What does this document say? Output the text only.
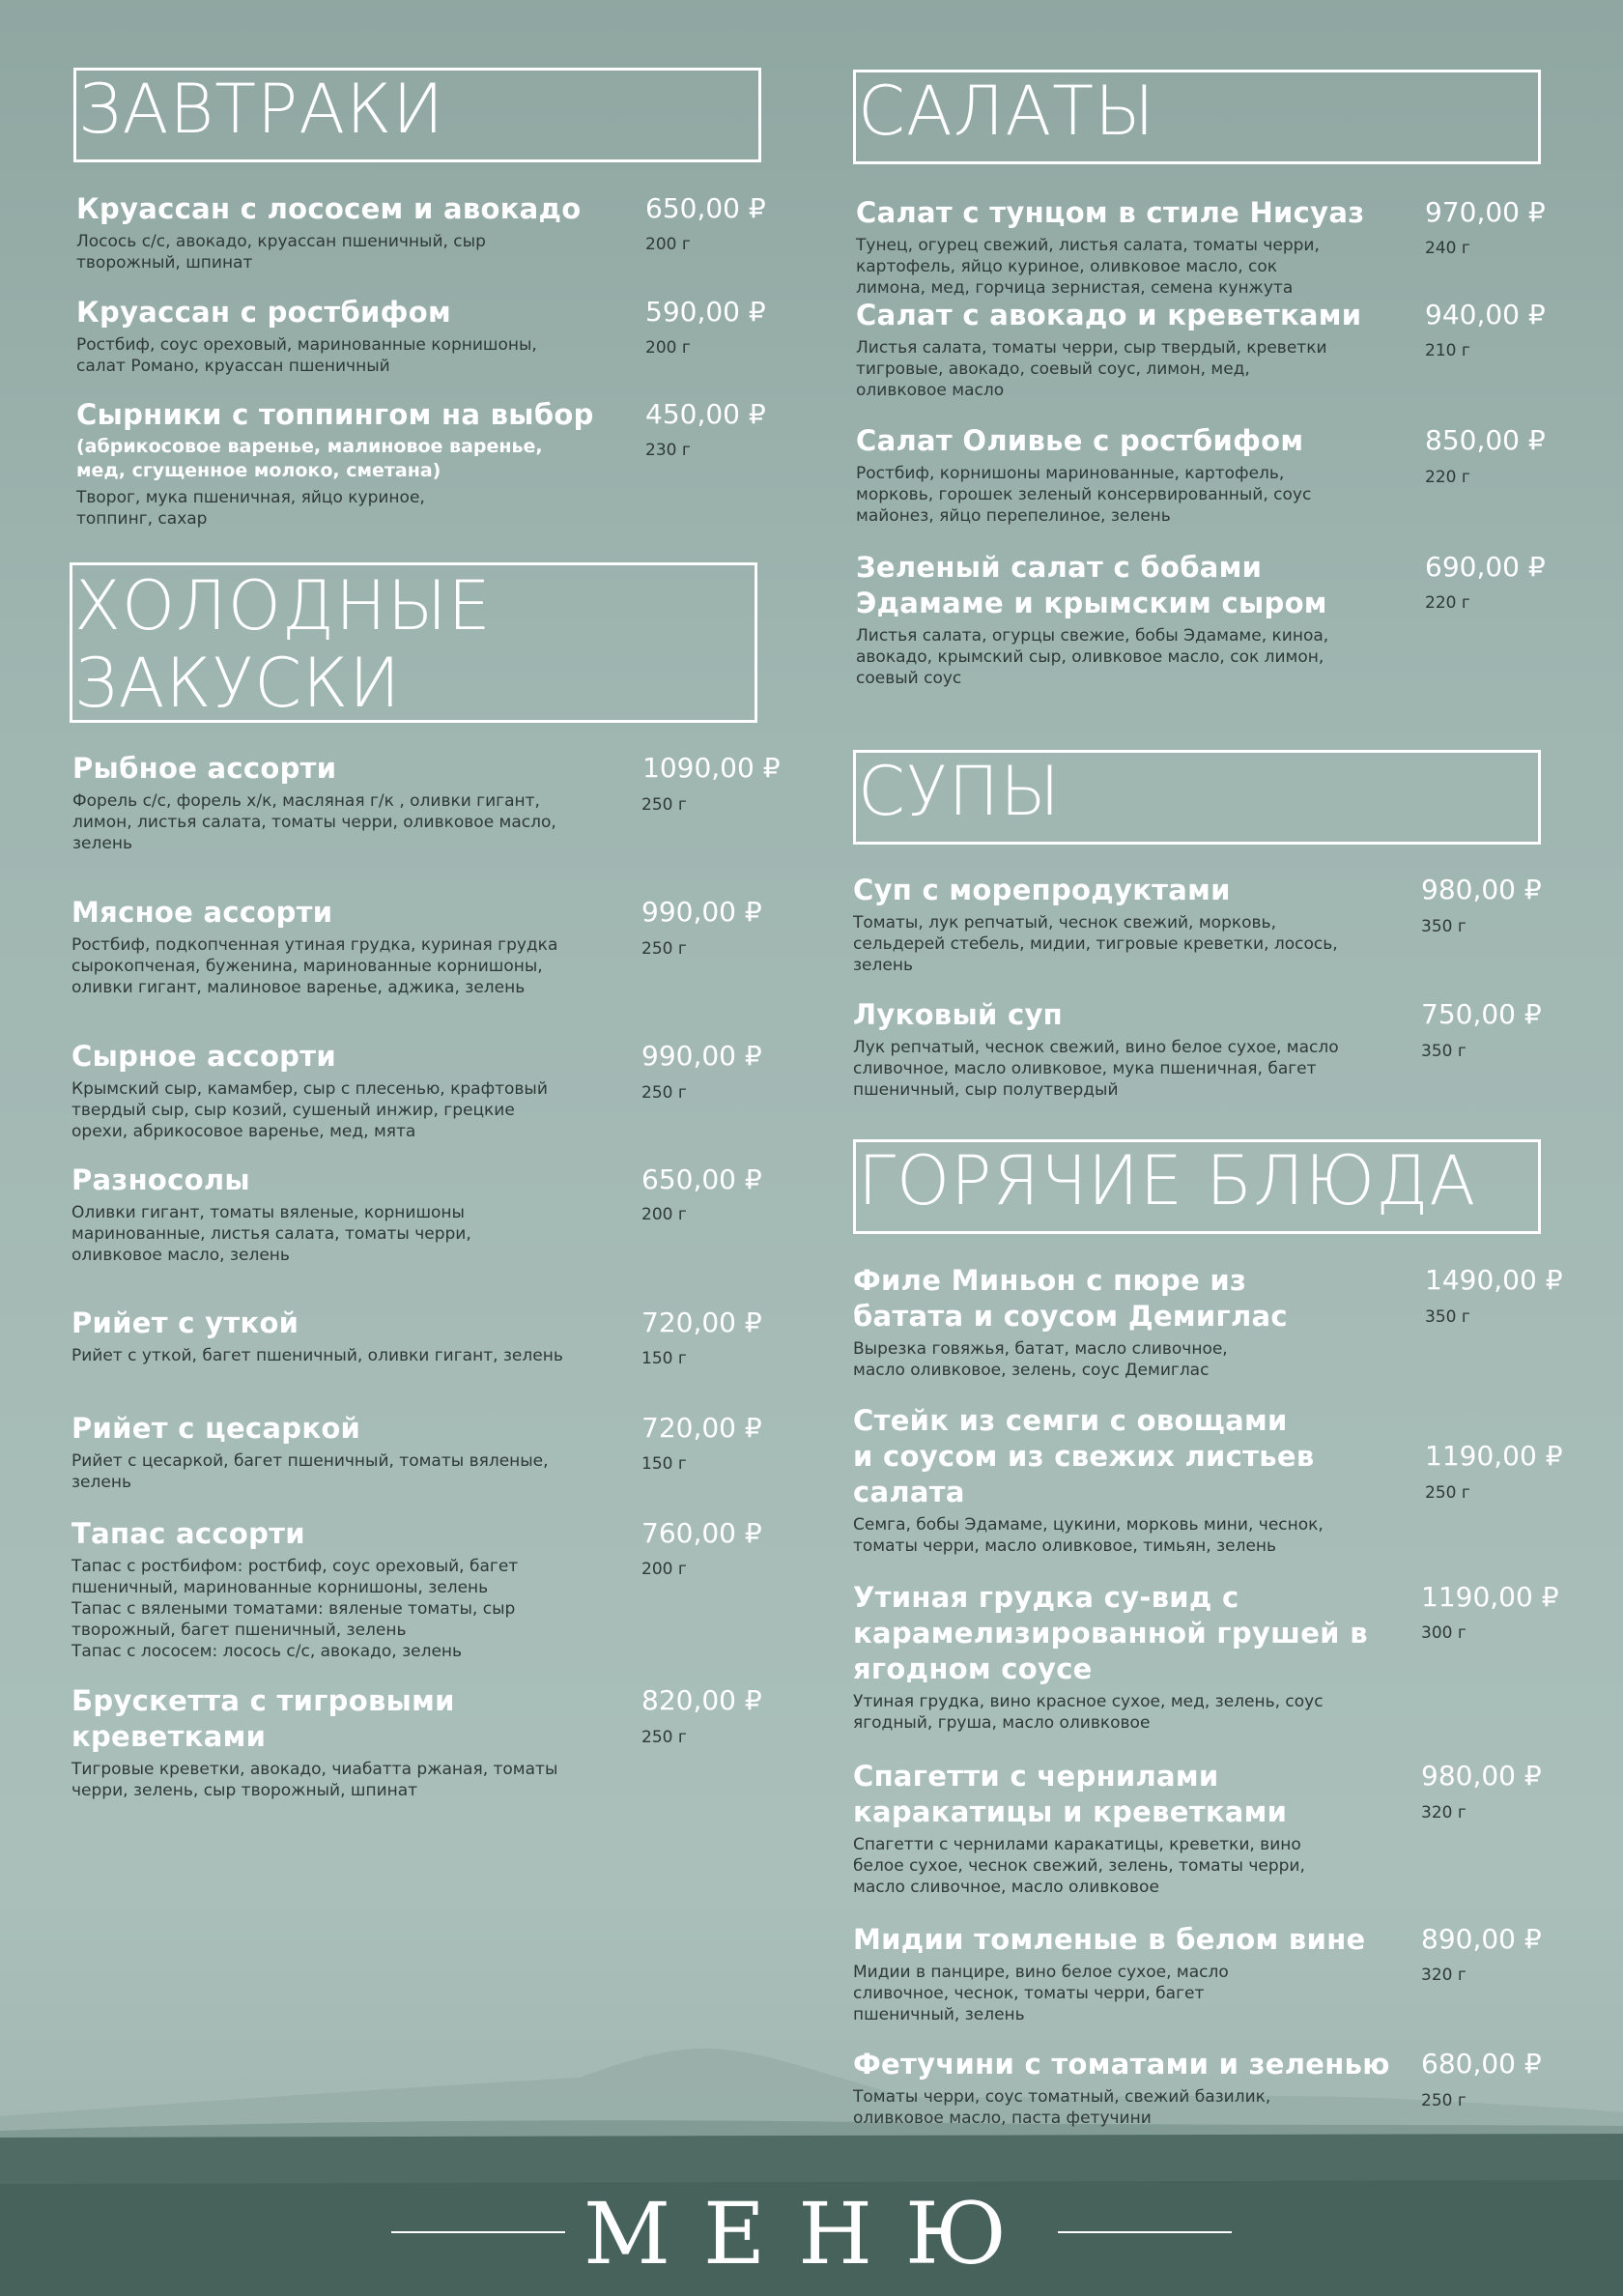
ЗАВТРАКИ
Круассан с лососем и авокадо
Лосось с/с, авокадо, круассан пшеничный, сыр творожный, шпинат
650,00 ₽
200 г
Круассан с ростбифом
Ростбиф, соус ореховый, маринованные корнишоны, салат Романо, круассан пшеничный
590,00 ₽
200 г
Сырники с топпингом на выбор
(абрикосовое варенье, малиновое варенье, мед, сгущенное молоко, сметана)
Творог, мука пшеничная, яйцо куриное, топпинг, сахар
450,00 ₽
230 г
ХОЛОДНЫЕ
ЗАКУСКИ
Рыбное ассорти
Форель с/с, форель х/к, масляная г/к , оливки гигант, лимон, листья салата, томаты черри, оливковое масло, зелень
1090,00 ₽
250 г
Мясное ассорти
Ростбиф, подкопченная утиная грудка, куриная грудка сырокопченая, буженина, маринованные корнишоны, оливки гигант, малиновое варенье, аджика, зелень
990,00 ₽
250 г
Сырное ассорти
Крымский сыр, камамбер, сыр с плесенью, крафтовый твердый сыр, сыр козий, сушеный инжир, грецкие орехи, абрикосовое варенье, мед, мята
990,00 ₽
250 г
Разносолы
Оливки гигант, томаты вяленые, корнишоны маринованные, листья салата, томаты черри, оливковое масло, зелень
650,00 ₽
200 г
Рийет с уткой
Рийет с уткой, багет пшеничный, оливки гигант, зелень
720,00 ₽
150 г
Рийет с цесаркой
Рийет с цесаркой, багет пшеничный, томаты вяленые, зелень
720,00 ₽
150 г
Тапас ассорти
Тапас с ростбифом: ростбиф, соус ореховый, багет пшеничный, маринованные корнишоны, зелень
Тапас с вялеными томатами: вяленые томаты, сыр творожный, багет пшеничный, зелень
Тапас с лососем: лосось с/с, авокадо, зелень
760,00 ₽
200 г
Брускетта с тигровыми креветками
Тигровые креветки, авокадо, чиабатта ржаная, томаты черри, зелень, сыр творожный, шпинат
820,00 ₽
250 г
САЛАТЫ
Салат с тунцом в стиле Нисуаз
Тунец, огурец свежий, листья салата, томаты черри, картофель, яйцо куриное, оливковое масло, сок лимона, мед, горчица зернистая, семена кунжута
970,00 ₽
240 г
Салат с авокадо и креветками
Листья салата, томаты черри, сыр твердый, креветки тигровые, авокадо, соевый соус, лимон, мед, оливковое масло
940,00 ₽
210 г
Салат Оливье с ростбифом
Ростбиф, корнишоны маринованные, картофель, морковь, горошек зеленый консервированный, соус майонез, яйцо перепелиное, зелень
850,00 ₽
220 г
Зеленый салат с бобами Эдамаме и крымским сыром
Листья салата, огурцы свежие, бобы Эдамаме, киноа, авокадо, крымский сыр, оливковое масло, сок лимон, соевый соус
690,00 ₽
220 г
СУПЫ
Суп с морепродуктами
Томаты, лук репчатый, чеснок свежий, морковь, сельдерей стебель, мидии, тигровые креветки, лосось, зелень
980,00 ₽
350 г
Луковый суп
Лук репчатый, чеснок свежий, вино белое сухое, масло сливочное, масло оливковое, мука пшеничная, багет пшеничный, сыр полутвердый
750,00 ₽
350 г
ГОРЯЧИЕ БЛЮДА
Филе Миньон с пюре из батата и соусом Демиглас
Вырезка говяжья, батат, масло сливочное, масло оливковое, зелень, соус Демиглас
1490,00 ₽
350 г
Стейк из семги с овощами и соусом из свежих листьев салата
Семга, бобы Эдамаме, цукини, морковь мини, чеснок, томаты черри, масло оливковое, тимьян, зелень
1190,00 ₽
250 г
Утиная грудка су-вид с карамелизированной грушей в ягодном соусе
Утиная грудка, вино красное сухое, мед, зелень, соус ягодный, груша, масло оливковое
1190,00 ₽
300 г
Спагетти с чернилами каракатицы и креветками
Спагетти с чернилами каракатицы, креветки, вино белое сухое, чеснок свежий, зелень, томаты черри, масло сливочное, масло оливковое
980,00 ₽
320 г
Мидии томленые в белом вине
Мидии в панцире, вино белое сухое, масло сливочное, чеснок, томаты черри, багет пшеничный, зелень
890,00 ₽
320 г
Фетучини с томатами и зеленью
Томаты черри, соус томатный, свежий базилик, оливковое масло, паста фетучини
680,00 ₽
250 г
МЕНЮ
